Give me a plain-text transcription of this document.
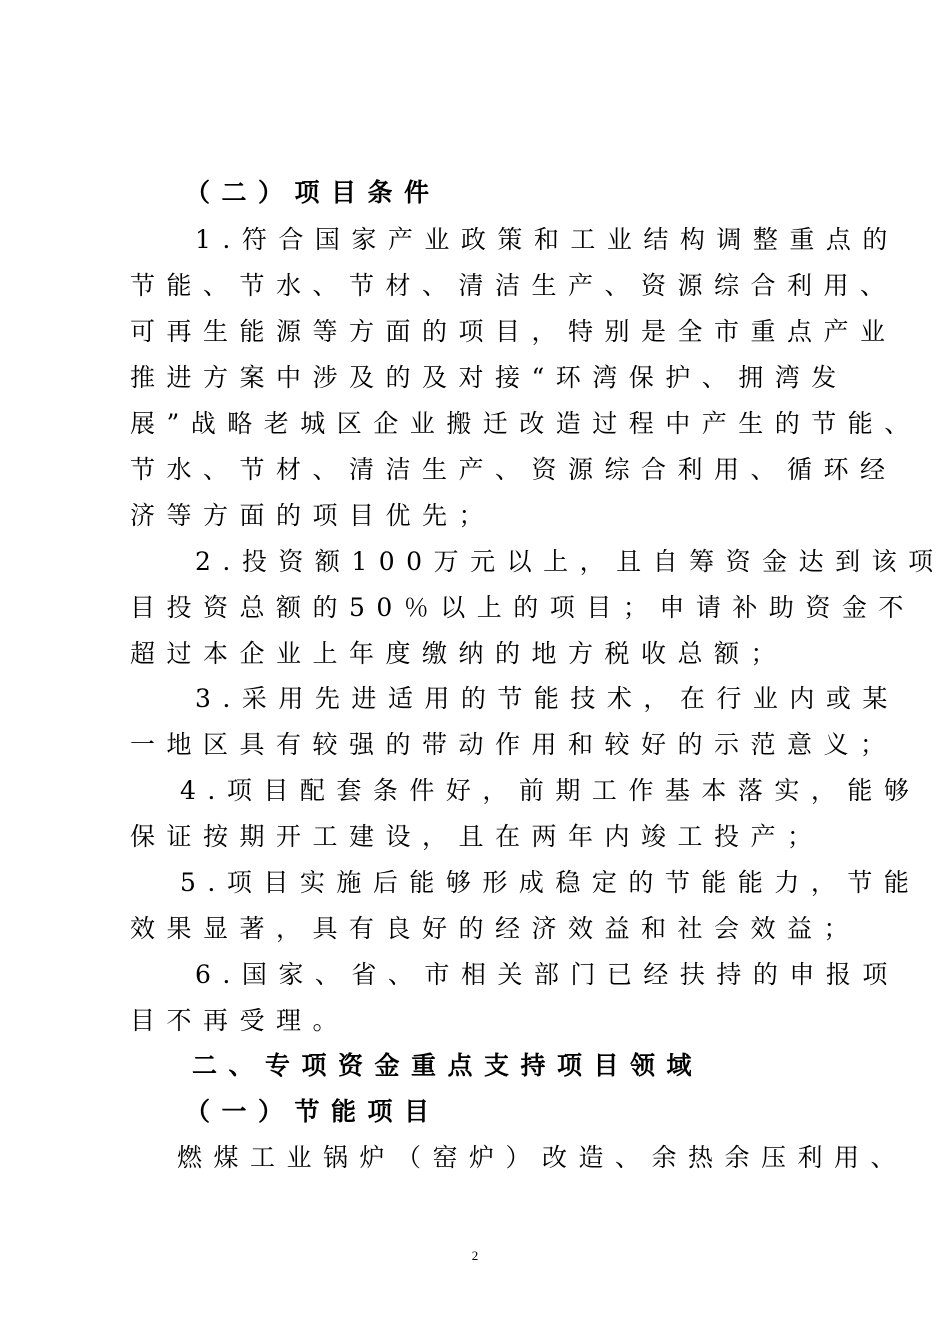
（二）项目条件
1.符合国家产业政策和工业结构调整重点的
节能、节水、节材、清洁生产、资源综合利用、
可再生能源等方面的项目，特别是全市重点产业
推进方案中涉及的及对接“环湾保护、拥湾发
展”战略老城区企业搬迁改造过程中产生的节能、
节水、节材、清洁生产、资源综合利用、循环经
济等方面的项目优先；
2.投资额100万元以上，且自筹资金达到该项
目投资总额的50％以上的项目；申请补助资金不
超过本企业上年度缴纳的地方税收总额；
3.采用先进适用的节能技术，在行业内或某
一地区具有较强的带动作用和较好的示范意义；
4.项目配套条件好，前期工作基本落实，能够
保证按期开工建设，且在两年内竣工投产；
5.项目实施后能够形成稳定的节能能力，节能
效果显著，具有良好的经济效益和社会效益；
6.国家、省、市相关部门已经扶持的申报项
目不再受理。
二、专项资金重点支持项目领域
（一）节能项目
燃煤工业锅炉（窑炉）改造、余热余压利用、
2
